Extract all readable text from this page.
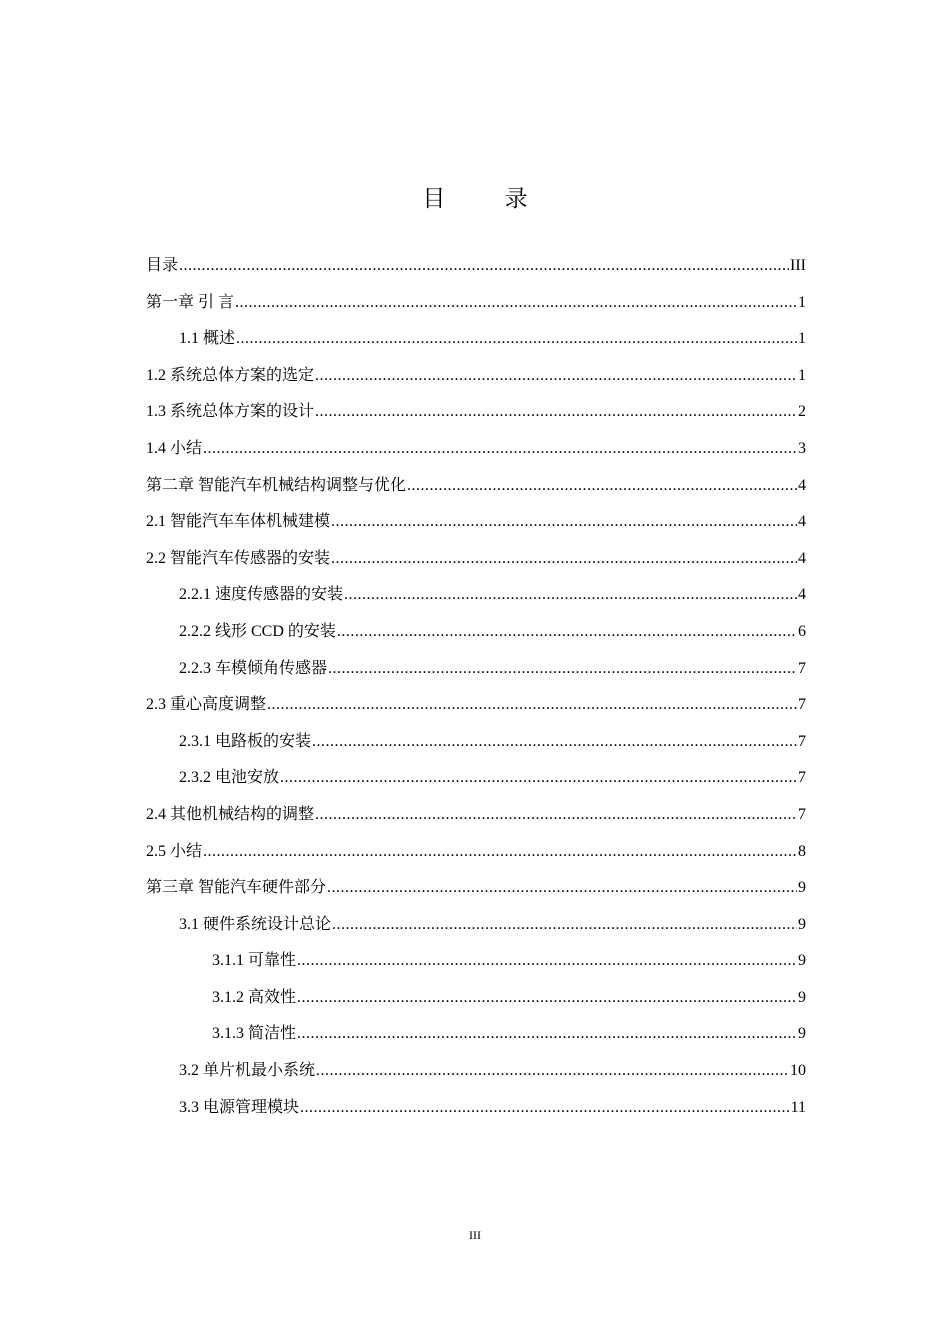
目 录
目录 .....	III
第一章 引 言 .....	1
1.1 概述 .....	1
1.2 系统总体方案的选定 .....	1
1.3 系统总体方案的设计 .....	2
1.4 小结 .....	3
第二章 智能汽车机械结构调整与优化 .....	4
2.1 智能汽车车体机械建模 .....	4
2.2 智能汽车传感器的安装 .....	4
2.2.1 速度传感器的安装 .....	4
2.2.2 线形 CCD 的安装 .....	6
2.2.3 车模倾角传感器 .....	7
2.3 重心高度调整 .....	7
2.3.1 电路板的安装 .....	7
2.3.2 电池安放 .....	7
2.4 其他机械结构的调整 .....	7
2.5 小结 .....	8
第三章 智能汽车硬件部分 .....	9
3.1 硬件系统设计总论 .....	9
3.1.1 可靠性 .....	9
3.1.2 高效性 .....	9
3.1.3 简洁性 .....	9
3.2 单片机最小系统 .....	10
3.3 电源管理模块 .....	11
III
